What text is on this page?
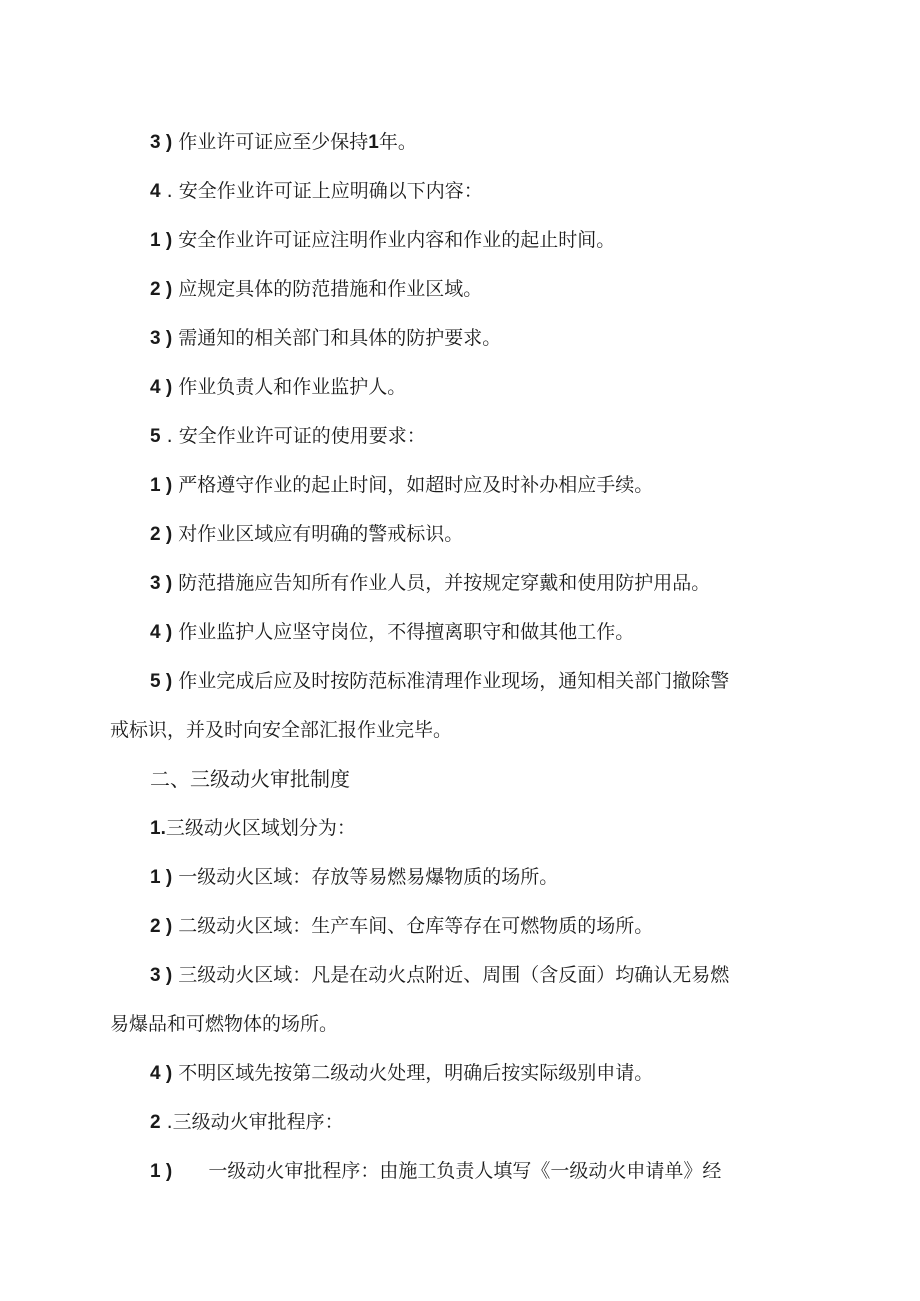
3 ) 作业许可证应至少保持1年。
4 . 安全作业许可证上应明确以下内容：
1 ) 安全作业许可证应注明作业内容和作业的起止时间。
2 ) 应规定具体的防范措施和作业区域。
3 ) 需通知的相关部门和具体的防护要求。
4 ) 作业负责人和作业监护人。
5 . 安全作业许可证的使用要求：
1 ) 严格遵守作业的起止时间，如超时应及时补办相应手续。
2 ) 对作业区域应有明确的警戒标识。
3 ) 防范措施应告知所有作业人员，并按规定穿戴和使用防护用品。
4 ) 作业监护人应坚守岗位，不得擅离职守和做其他工作。
5 ) 作业完成后应及时按防范标准清理作业现场，通知相关部门撤除警
戒标识，并及时向安全部汇报作业完毕。
二、三级动火审批制度
1.三级动火区域划分为：
1 ) 一级动火区域：存放等易燃易爆物质的场所。
2 ) 二级动火区域：生产车间、仓库等存在可燃物质的场所。
3 ) 三级动火区域：凡是在动火点附近、周围（含反面）均确认无易燃
易爆品和可燃物体的场所。
4 ) 不明区域先按第二级动火处理，明确后按实际级别申请。
2 .三级动火审批程序：
1 )      一级动火审批程序：由施工负责人填写《一级动火申请单》经
